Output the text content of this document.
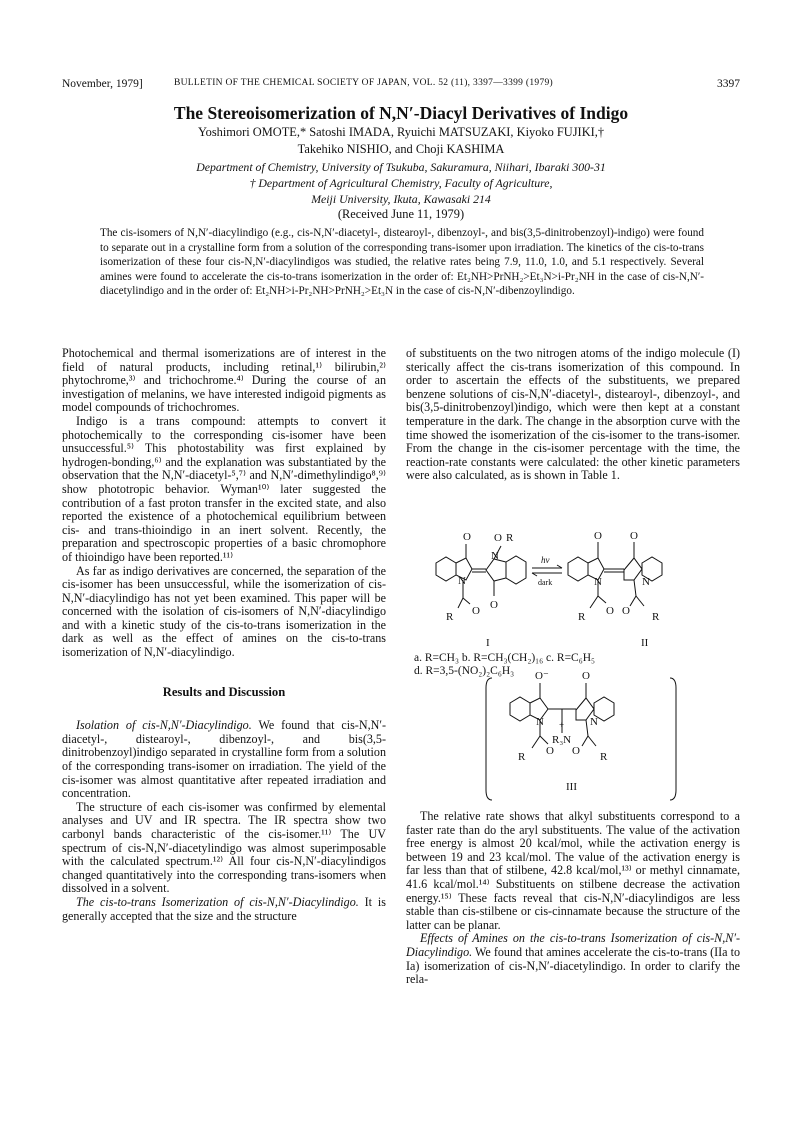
November, 1979]	BULLETIN OF THE CHEMICAL SOCIETY OF JAPAN, VOL. 52 (11), 3397—3399 (1979)	3397
The Stereoisomerization of N,N′-Diacyl Derivatives of Indigo
Yoshimori OMOTE,* Satoshi IMADA, Ryuichi MATSUZAKI, Kiyoko FUJIKI,†
Takehiko NISHIO, and Choji KASHIMA
Department of Chemistry, University of Tsukuba, Sakuramura, Niihari, Ibaraki 300-31
† Department of Agricultural Chemistry, Faculty of Agriculture,
Meiji University, Ikuta, Kawasaki 214
(Received June 11, 1979)
The cis-isomers of N,N′-diacylindigo (e.g., cis-N,N′-diacetyl-, distearoyl-, dibenzoyl-, and bis(3,5-dinitrobenzoyl)-indigo) were found to separate out in a crystalline form from a solution of the corresponding trans-isomer upon irradiation. The kinetics of the cis-to-trans isomerization of these four cis-N,N′-diacylindigos was studied, the relative rates being 7.9, 11.0, 1.0, and 5.1 respectively. Several amines were found to accelerate the cis-to-trans isomerization in the order of: Et₂NH>PrNH₂>Et₃N>i-Pr₂NH in the case of cis-N,N′-diacetylindigo and in the order of: Et₂NH>i-Pr₂NH>PrNH₂>Et₃N in the case of cis-N,N′-dibenzoylindigo.

Photochemical and thermal isomerizations are of interest in the field of natural products, including retinal,¹⁾ bilirubin,²⁾ phytochrome,³⁾ and trichochrome.⁴⁾ During the course of an investigation of melanins, we have interested indigoid pigments as model compounds of trichochromes.

Indigo is a trans compound: attempts to convert it photochemically to the corresponding cis-isomer have been unsuccessful.⁵⁾ This photostability was first explained by hydrogen-bonding,⁶⁾ and the explanation was substantiated by the observation that the N,N′-diacetyl-⁵,⁷⁾ and N,N′-dimethylindigo⁸,⁹⁾ show phototropic behavior. Wyman¹⁰⁾ later suggested the contribution of a fast proton transfer in the excited state, and also reported the existence of a photochemical equilibrium between cis- and trans-thioindigo in an inert solvent. Recently, the preparation and spectroscopic properties of a basic chromophore of thioindigo have been reported.¹¹⁾

As far as indigo derivatives are concerned, the separation of the cis-isomer has been unsuccessful, while the isomerization of cis-N,N′-diacylindigo has not yet been examined. This paper will be concerned with the isolation of cis-isomers of N,N′-diacylindigo and with a kinetic study of the cis-to-trans isomerization in the dark as well as the effect of amines on the cis-to-trans isomerization of N,N′-diacylindigo.

Results and Discussion

Isolation of cis-N,N′-Diacylindigo. We found that cis-N,N′-diacetyl-, distearoyl-, dibenzoyl-, and bis(3,5-dinitrobenzoyl)indigo separated in crystalline form from a solution of the corresponding trans-isomer on irradiation. The yield of the cis-isomer was almost quantitative after repeated irradiation and concentration.

The structure of each cis-isomer was confirmed by elemental analyses and UV and IR spectra. The IR spectra show two carbonyl bands characteristic of the cis-isomer.¹¹⁾ The UV spectrum of cis-N,N′-diacetylindigo was almost superimposable with the calculated spectrum.¹²⁾ All four cis-N,N′-diacylindigos changed quantitatively into the corresponding trans-isomers when dissolved in a solvent.

The cis-to-trans Isomerization of cis-N,N′-Diacylindigo. It is generally accepted that the size and the structure

of substituents on the two nitrogen atoms of the indigo molecule (I) sterically affect the cis-trans isomerization of this compound. In order to ascertain the effects of the substituents, we prepared benzene solutions of cis-N,N′-diacetyl-, distearoyl-, dibenzoyl-, and bis(3,5-dinitrobenzoyl)indigo, which were then kept at a constant temperature in the dark. The change in the absorption curve with the time showed the isomerization of the cis-isomer to the trans-isomer. From the change in the cis-isomer percentage with the time, the reaction-rate constants were calculated: the other kinetic parameters were also calculated, as is shown in Table 1.

O O R
N
N
O
R O
I
hν
dark
O	O
N	N
R O O R
II
O⁻	O
N	N
+
R₃N
R O O R
III
a. R=CH₃ b. R=CH₃(CH₂)₁₆ c. R=C₆H₅
d. R=3,5-(NO₂)₂C₆H₃

The relative rate shows that alkyl substituents correspond to a faster rate than do the aryl substituents. The value of the activation free energy is almost 20 kcal/mol, while the activation energy is between 19 and 23 kcal/mol. The value of the activation energy is far less than that of stilbene, 42.8 kcal/mol,¹³⁾ or methyl cinnamate, 41.6 kcal/mol.¹⁴⁾ Substituents on stilbene decrease the activation energy.¹⁵⁾ These facts reveal that cis-N,N′-diacylindigos are less stable than cis-stilbene or cis-cinnamate because the structure of the latter can be planar.

Effects of Amines on the cis-to-trans Isomerization of cis-N,N′-Diacylindigo. We found that amines accelerate the cis-to-trans (IIa to Ia) isomerization of cis-N,N′-diacetylindigo. In order to clarify the rela-
